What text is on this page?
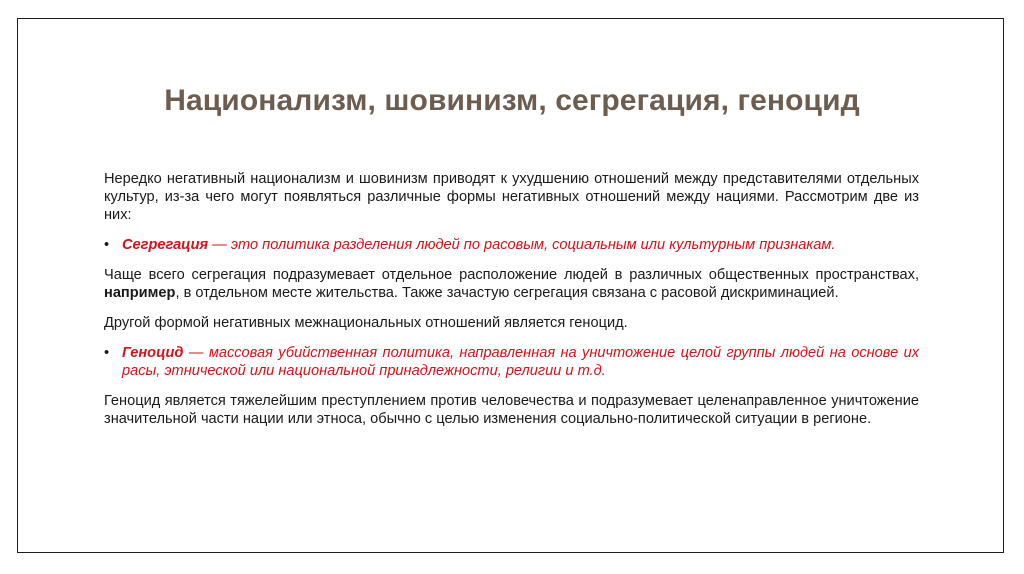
Национализм, шовинизм, сегрегация, геноцид

Нередко негативный национализм и шовинизм приводят к ухудшению отношений между представителями отдельных культур, из-за чего могут появляться различные формы негативных отношений между нациями. Рассмотрим две из них:

• Сегрегация — это политика разделения людей по расовым, социальным или культурным признакам.

Чаще всего сегрегация подразумевает отдельное расположение людей в различных общественных пространствах, например, в отдельном месте жительства. Также зачастую сегрегация связана с расовой дискриминацией.

Другой формой негативных межнациональных отношений является геноцид.

• Геноцид — массовая убийственная политика, направленная на уничтожение целой группы людей на основе их расы, этнической или национальной принадлежности, религии и т.д.

Геноцид является тяжелейшим преступлением против человечества и подразумевает целенаправленное уничтожение значительной части нации или этноса, обычно с целью изменения социально-политической ситуации в регионе.
